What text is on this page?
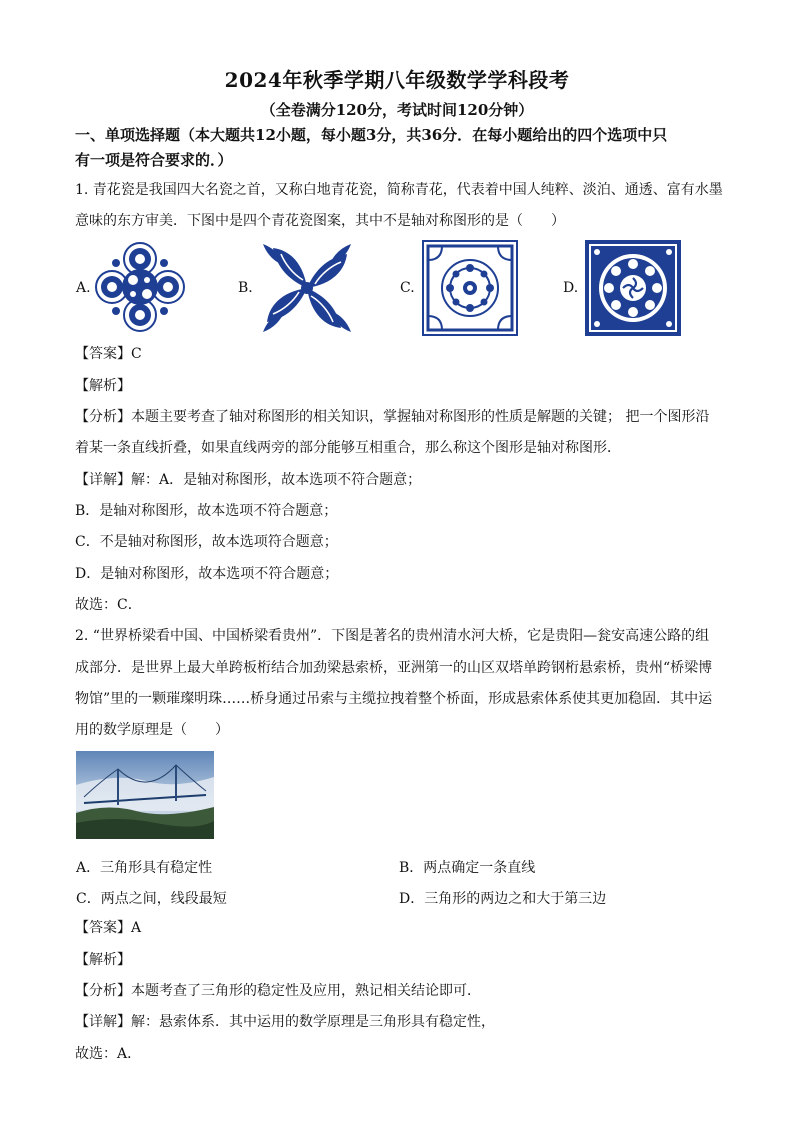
2024年秋季学期八年级数学学科段考
（全卷满分120分，考试时间120分钟）
一、单项选择题（本大题共12小题，每小题3分，共36分．在每小题给出的四个选项中只
有一项是符合要求的．）
1. 青花瓷是我国四大名瓷之首，又称白地青花瓷，简称青花，代表着中国人纯粹、淡泊、通透、富有水墨
意味的东方审美．下图中是四个青花瓷图案，其中不是轴对称图形的是（　　）
A.	B.	C.	D.
【答案】C
【解析】
【分析】本题主要考查了轴对称图形的相关知识，掌握轴对称图形的性质是解题的关键； 把一个图形沿
着某一条直线折叠，如果直线两旁的部分能够互相重合，那么称这个图形是轴对称图形．
【详解】解：A．是轴对称图形，故本选项不符合题意；
B．是轴对称图形，故本选项不符合题意；
C．不是轴对称图形，故本选项符合题意；
D．是轴对称图形，故本选项不符合题意；
故选：C．
2. “世界桥梁看中国、中国桥梁看贵州”．下图是著名的贵州清水河大桥，它是贵阳—瓮安高速公路的组
成部分．是世界上最大单跨板桁结合加劲梁悬索桥，亚洲第一的山区双塔单跨钢桁悬索桥，贵州“桥梁博
物馆”里的一颗璀璨明珠……桥身通过吊索与主缆拉拽着整个桥面，形成悬索体系使其更加稳固．其中运
用的数学原理是（　　）
A．三角形具有稳定性	B．两点确定一条直线
C．两点之间，线段最短	D．三角形的两边之和大于第三边
【答案】A
【解析】
【分析】本题考查了三角形的稳定性及应用，熟记相关结论即可．
【详解】解：悬索体系．其中运用的数学原理是三角形具有稳定性，
故选：A．
